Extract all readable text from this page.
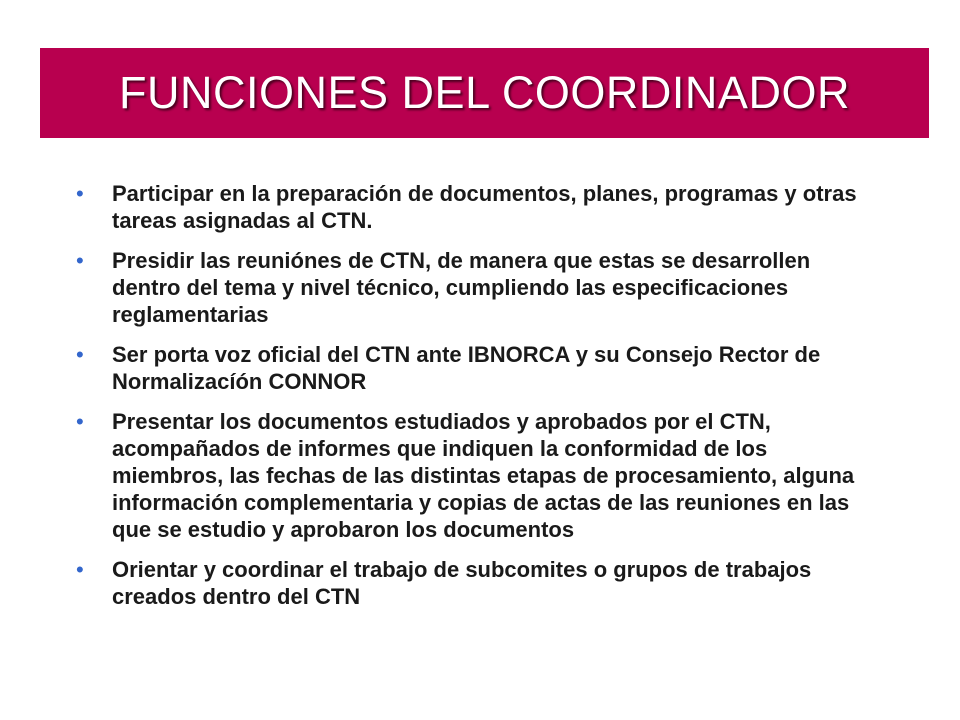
FUNCIONES DEL COORDINADOR
•	Participar en la preparación de documentos, planes, programas y otras tareas asignadas al CTN.
•	Presidir las reuniónes de CTN, de manera que estas se desarrollen dentro del tema y nivel técnico, cumpliendo las especificaciones reglamentarias
•	Ser porta voz oficial del CTN ante IBNORCA y su Consejo Rector de Normalizacíón CONNOR
•	Presentar los documentos estudiados y aprobados por el CTN, acompañados de informes que indiquen la conformidad de los miembros, las fechas de las distintas etapas de procesamiento, alguna información complementaria y copias de actas de las reuniones en las que se estudio y aprobaron los documentos
•	Orientar y coordinar el trabajo de subcomites o grupos de trabajos creados dentro del CTN
